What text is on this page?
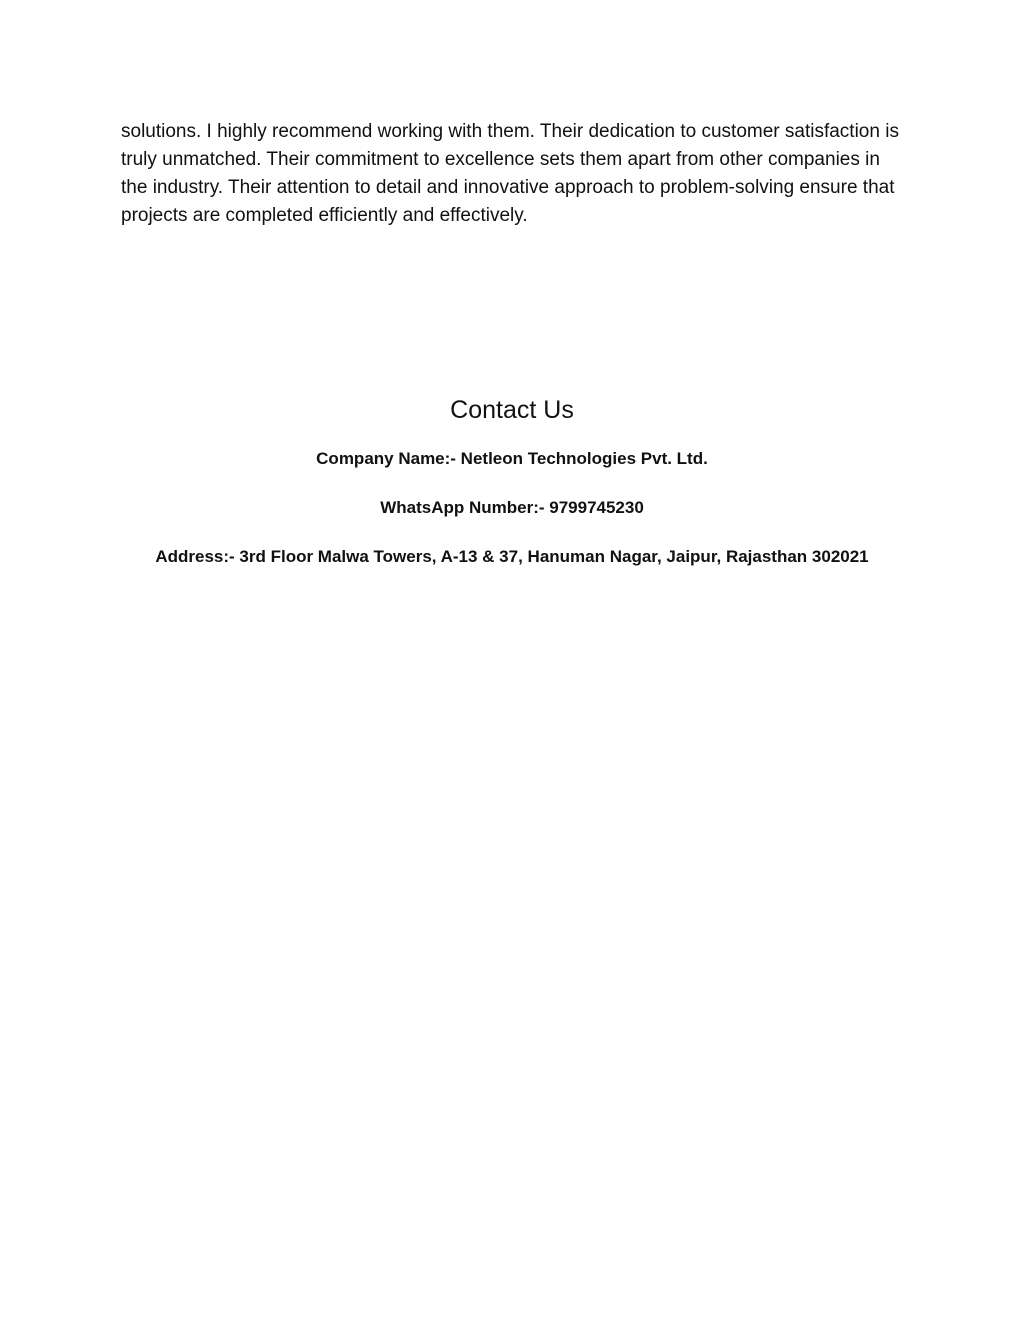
solutions. I highly recommend working with them. Their dedication to customer satisfaction is truly unmatched. Their commitment to excellence sets them apart from other companies in the industry. Their attention to detail and innovative approach to problem-solving ensure that projects are completed efficiently and effectively.

Contact Us

Company Name:- Netleon Technologies Pvt. Ltd.

WhatsApp Number:- 9799745230

Address:- 3rd Floor Malwa Towers, A-13 & 37, Hanuman Nagar, Jaipur, Rajasthan 302021
